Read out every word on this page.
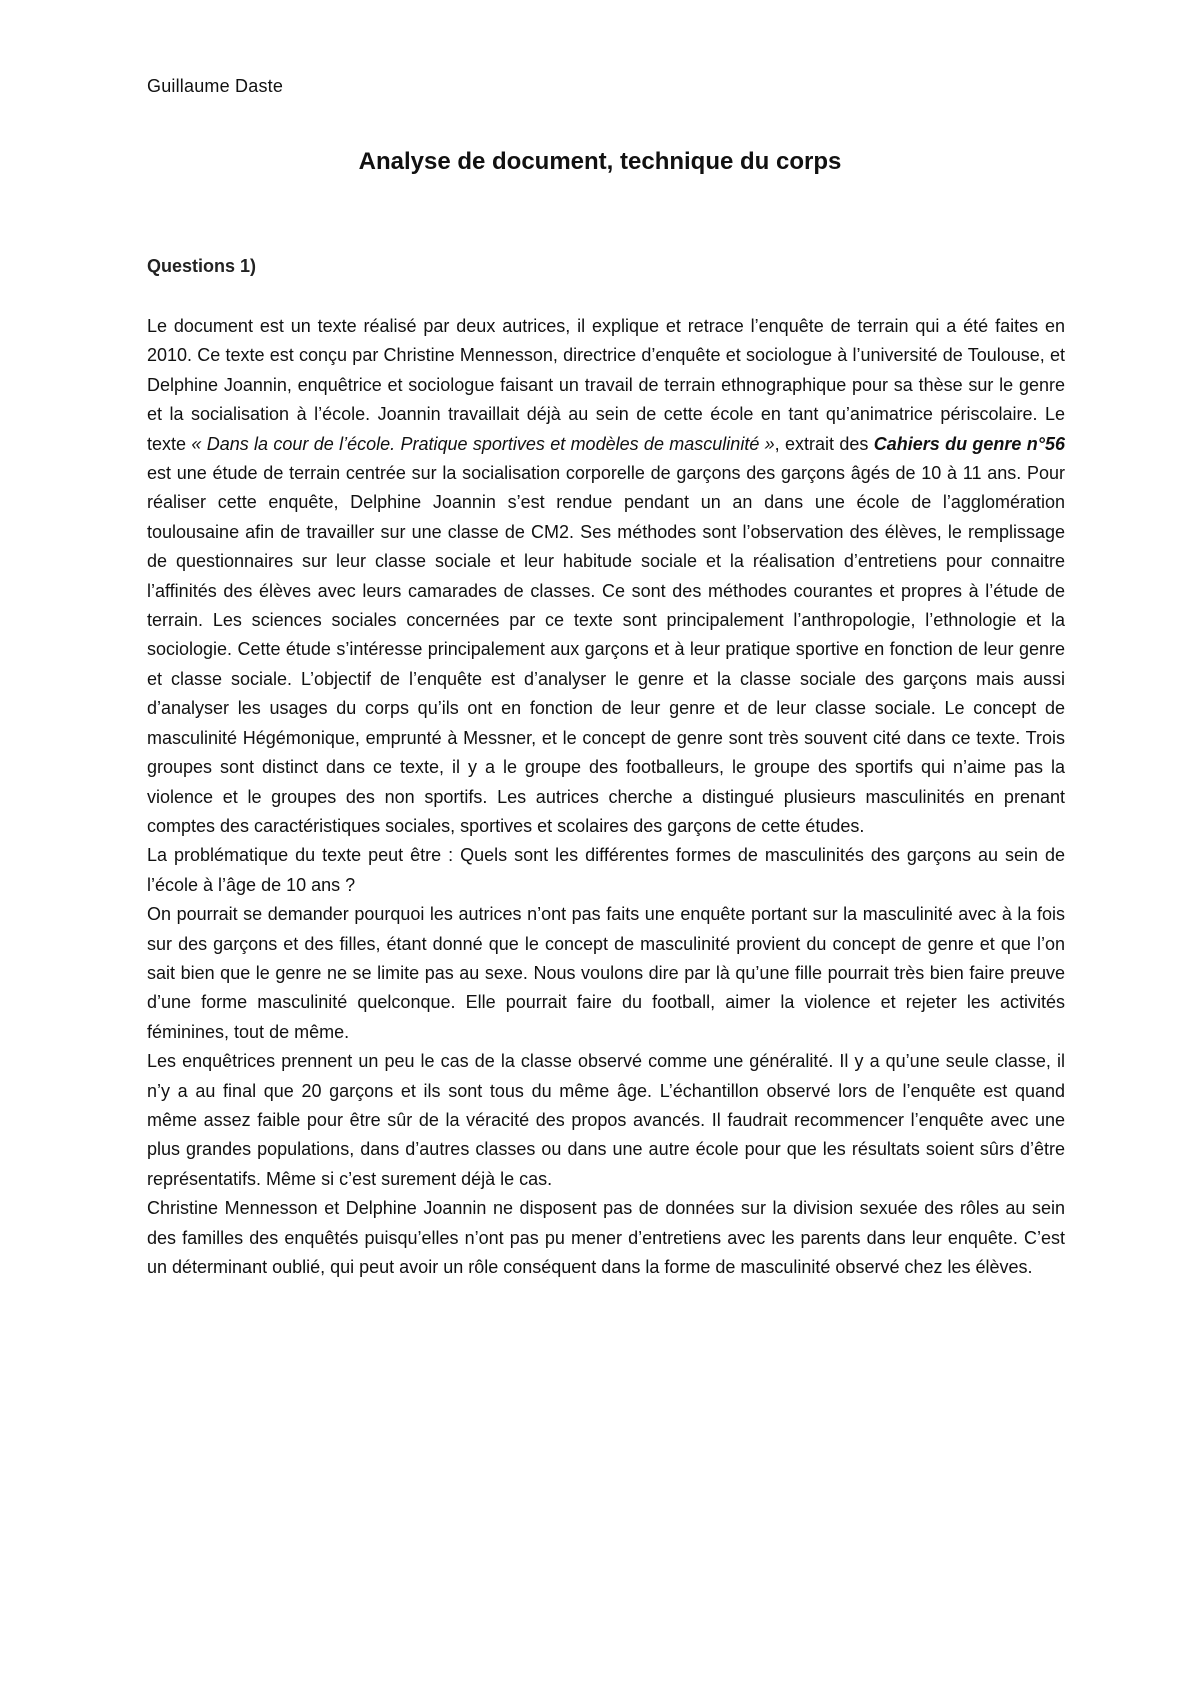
Guillaume Daste
Analyse de document, technique du corps
Questions 1)

Le document est un texte réalisé par deux autrices, il explique et retrace l’enquête de terrain qui a été faites en 2010. Ce texte est conçu par Christine Mennesson, directrice d’enquête et sociologue à l’université de Toulouse, et Delphine Joannin, enquêtrice et sociologue faisant un travail de terrain ethnographique pour sa thèse sur le genre et la socialisation à l’école. Joannin travaillait déjà au sein de cette école en tant qu’animatrice périscolaire. Le texte « Dans la cour de l’école. Pratique sportives et modèles de masculinité », extrait des Cahiers du genre n°56 est une étude de terrain centrée sur la socialisation corporelle de garçons des garçons âgés de 10 à 11 ans. Pour réaliser cette enquête, Delphine Joannin s’est rendue pendant un an dans une école de l’agglomération toulousaine afin de travailler sur une classe de CM2. Ses méthodes sont l’observation des élèves, le remplissage de questionnaires sur leur classe sociale et leur habitude sociale et la réalisation d’entretiens pour connaitre l’affinités des élèves avec leurs camarades de classes. Ce sont des méthodes courantes et propres à l’étude de terrain. Les sciences sociales concernées par ce texte sont principalement l’anthropologie, l’ethnologie et la sociologie. Cette étude s’intéresse principalement aux garçons et à leur pratique sportive en fonction de leur genre et classe sociale. L’objectif de l’enquête est d’analyser le genre et la classe sociale des garçons mais aussi d’analyser les usages du corps qu’ils ont en fonction de leur genre et de leur classe sociale. Le concept de masculinité Hégémonique, emprunté à Messner, et le concept de genre sont très souvent cité dans ce texte. Trois groupes sont distinct dans ce texte, il y a le groupe des footballeurs, le groupe des sportifs qui n’aime pas la violence et le groupes des non sportifs. Les autrices cherche a distingué plusieurs masculinités en prenant comptes des caractéristiques sociales, sportives et scolaires des garçons de cette études.

La problématique du texte peut être : Quels sont les différentes formes de masculinités des garçons au sein de l’école à l’âge de 10 ans ?

On pourrait se demander pourquoi les autrices n’ont pas faits une enquête portant sur la masculinité avec à la fois sur des garçons et des filles, étant donné que le concept de masculinité provient du concept de genre et que l’on sait bien que le genre ne se limite pas au sexe. Nous voulons dire par là qu’une fille pourrait très bien faire preuve d’une forme masculinité quelconque. Elle pourrait faire du football, aimer la violence et rejeter les activités féminines, tout de même.

Les enquêtrices prennent un peu le cas de la classe observé comme une généralité. Il y a qu’une seule classe, il n’y a au final que 20 garçons et ils sont tous du même âge. L’échantillon observé lors de l’enquête est quand même assez faible pour être sûr de la véracité des propos avancés. Il faudrait recommencer l’enquête avec une plus grandes populations, dans d’autres classes ou dans une autre école pour que les résultats soient sûrs d’être représentatifs. Même si c’est surement déjà le cas.

Christine Mennesson et Delphine Joannin ne disposent pas de données sur la division sexuée des rôles au sein des familles des enquêtés puisqu’elles n’ont pas pu mener d’entretiens avec les parents dans leur enquête. C’est un déterminant oublié, qui peut avoir un rôle conséquent dans la forme de masculinité observé chez les élèves.
